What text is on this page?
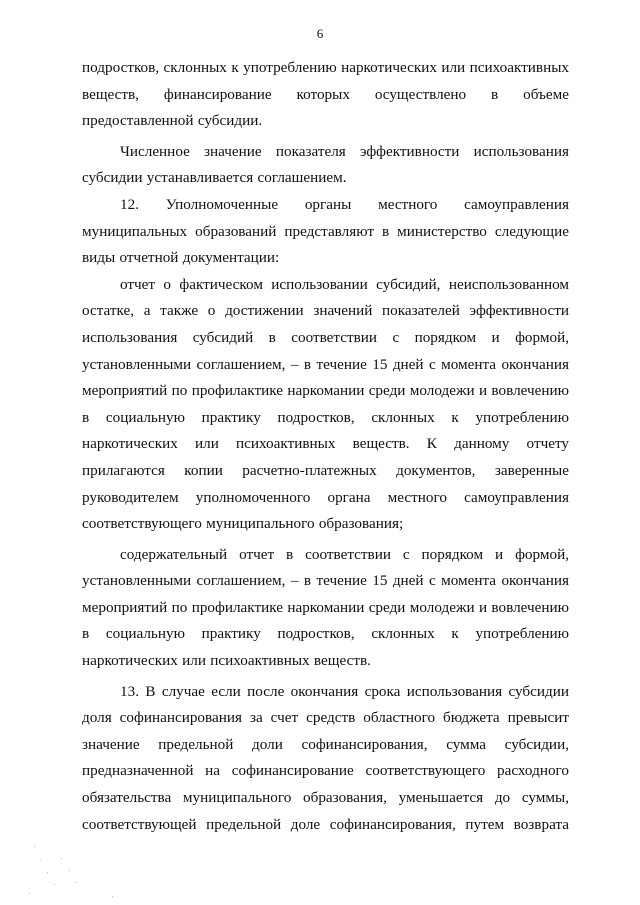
6

подростков, склонных к употреблению наркотических или психоактивных веществ, финансирование которых осуществлено в объеме предоставленной субсидии.

Численное значение показателя эффективности использования субсидии устанавливается соглашением.

12. Уполномоченные органы местного самоуправления муниципальных образований представляют в министерство следующие виды отчетной документации:

отчет о фактическом использовании субсидий, неиспользованном остатке, а также о достижении значений показателей эффективности использования субсидий в соответствии с порядком и формой, установленными соглашением, – в течение 15 дней с момента окончания мероприятий по профилактике наркомании среди молодежи и вовлечению в социальную практику подростков, склонных к употреблению наркотических или психоактивных веществ. К данному отчету прилагаются копии расчетно-платежных документов, заверенные руководителем уполномоченного органа местного самоуправления соответствующего муниципального образования;

содержательный отчет в соответствии с порядком и формой, установленными соглашением, – в течение 15 дней с момента окончания мероприятий по профилактике наркомании среди молодежи и вовлечению в социальную практику подростков, склонных к употреблению наркотических или психоактивных веществ.

13. В случае если после окончания срока использования субсидии доля софинансирования за счет средств областного бюджета превысит значение предельной доли софинансирования, сумма субсидии, предназначенной на софинансирование соответствующего расходного обязательства муниципального образования, уменьшается до суммы, соответствующей предельной доле софинансирования, путем возврата
